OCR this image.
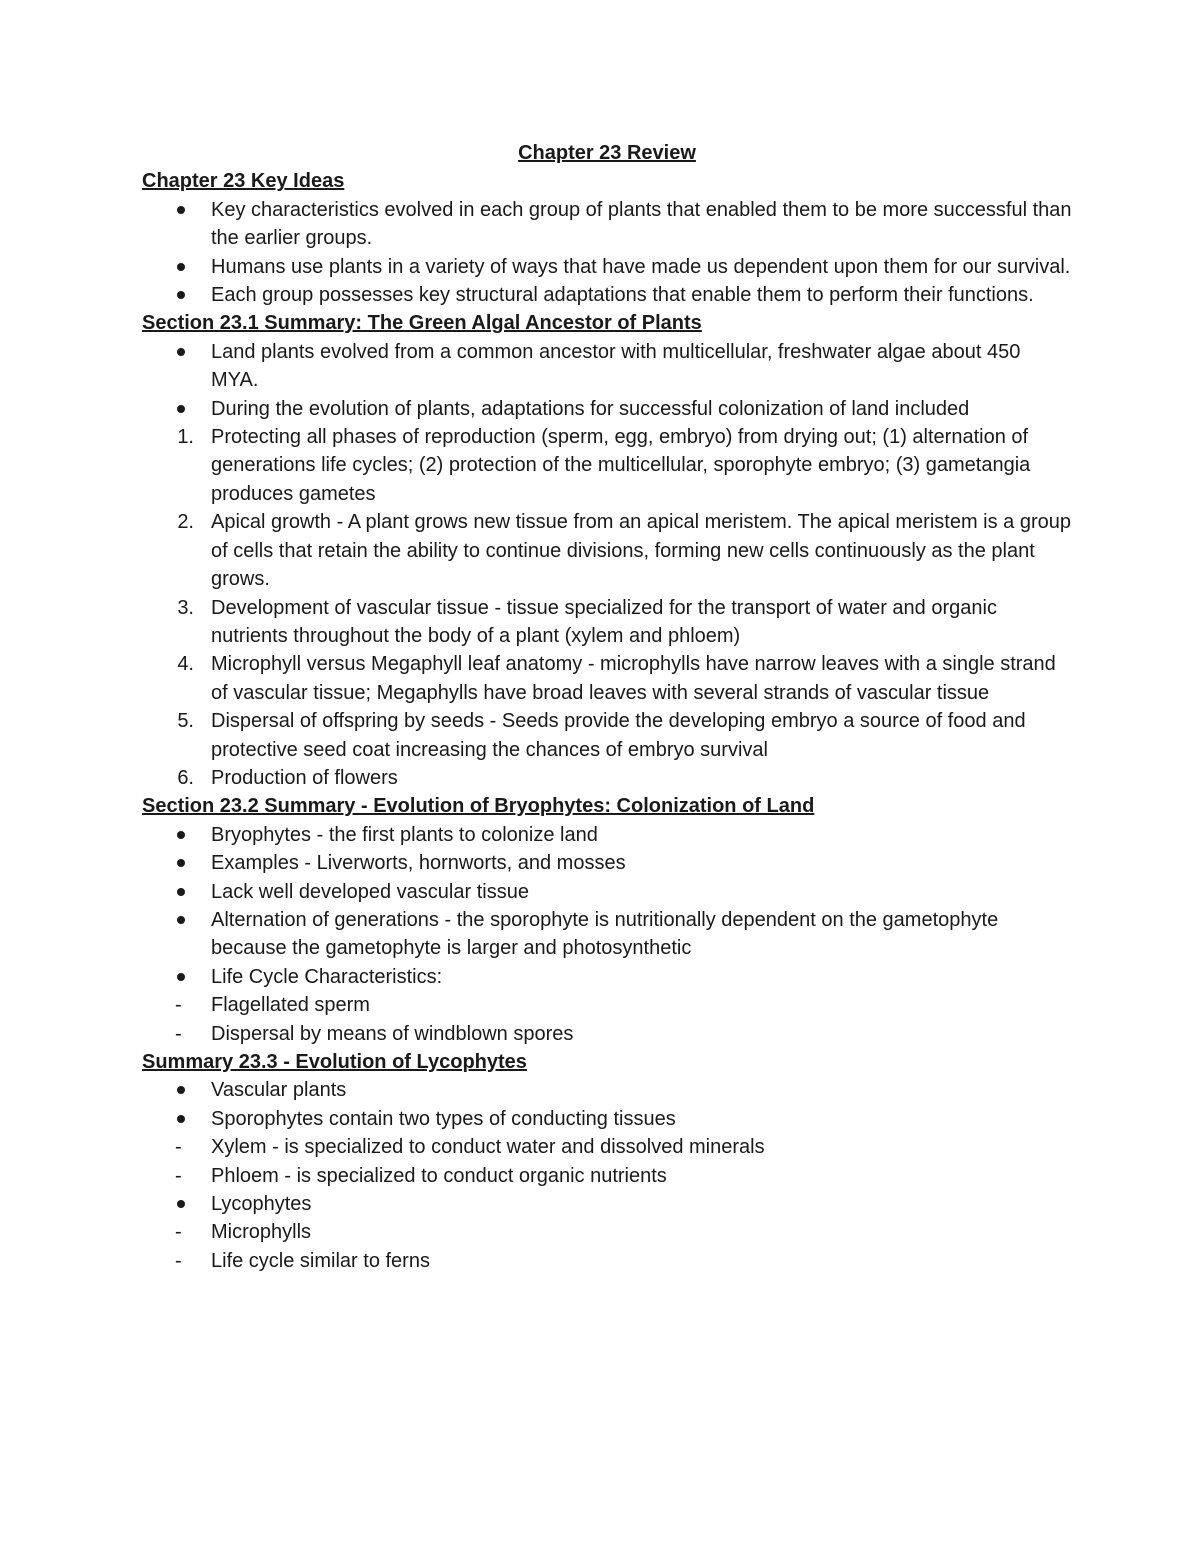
Chapter 23 Review
Chapter 23 Key Ideas
Key characteristics evolved in each group of plants that enabled them to be more successful than the earlier groups.
Humans use plants in a variety of ways that have made us dependent upon them for our survival.
Each group possesses key structural adaptations that enable them to perform their functions.
Section 23.1 Summary: The Green Algal Ancestor of Plants
Land plants evolved from a common ancestor with multicellular, freshwater algae about 450 MYA.
During the evolution of plants, adaptations for successful colonization of land included
1. Protecting all phases of reproduction (sperm, egg, embryo) from drying out; (1) alternation of generations life cycles; (2) protection of the multicellular, sporophyte embryo; (3) gametangia produces gametes
2. Apical growth - A plant grows new tissue from an apical meristem. The apical meristem is a group of cells that retain the ability to continue divisions, forming new cells continuously as the plant grows.
3. Development of vascular tissue - tissue specialized for the transport of water and organic nutrients throughout the body of a plant (xylem and phloem)
4. Microphyll versus Megaphyll leaf anatomy - microphylls have narrow leaves with a single strand of vascular tissue; Megaphylls have broad leaves with several strands of vascular tissue
5. Dispersal of offspring by seeds - Seeds provide the developing embryo a source of food and protective seed coat increasing the chances of embryo survival
6. Production of flowers
Section 23.2 Summary - Evolution of Bryophytes: Colonization of Land
Bryophytes - the first plants to colonize land
Examples - Liverworts, hornworts, and mosses
Lack well developed vascular tissue
Alternation of generations - the sporophyte is nutritionally dependent on the gametophyte because the gametophyte is larger and photosynthetic
Life Cycle Characteristics:
-	Flagellated sperm
-	Dispersal by means of windblown spores
Summary 23.3 - Evolution of Lycophytes
Vascular plants
Sporophytes contain two types of conducting tissues
-	Xylem - is specialized to conduct water and dissolved minerals
-	Phloem - is specialized to conduct organic nutrients
Lycophytes
-	Microphylls
-	Life cycle similar to ferns
